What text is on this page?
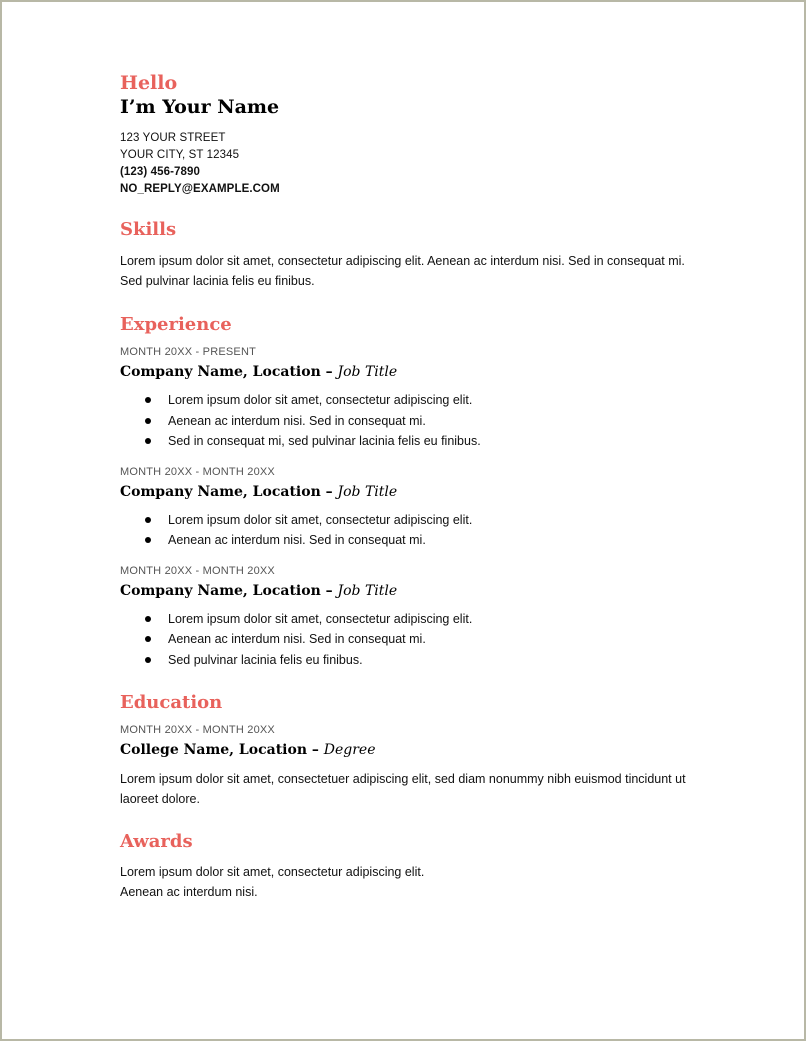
Hello
I’m Your Name
123 YOUR STREET
YOUR CITY, ST 12345
(123) 456-7890
NO_REPLY@EXAMPLE.COM
Skills

Lorem ipsum dolor sit amet, consectetur adipiscing elit. Aenean ac interdum nisi. Sed in consequat mi. Sed pulvinar lacinia felis eu finibus.

Experience
MONTH 20XX - PRESENT
Company Name, Location – Job Title
Lorem ipsum dolor sit amet, consectetur adipiscing elit.
Aenean ac interdum nisi. Sed in consequat mi.
Sed in consequat mi, sed pulvinar lacinia felis eu finibus.
MONTH 20XX - MONTH 20XX
Company Name, Location – Job Title
Lorem ipsum dolor sit amet, consectetur adipiscing elit.
Aenean ac interdum nisi. Sed in consequat mi.
MONTH 20XX - MONTH 20XX
Company Name, Location – Job Title
Lorem ipsum dolor sit amet, consectetur adipiscing elit.
Aenean ac interdum nisi. Sed in consequat mi.
Sed pulvinar lacinia felis eu finibus.
Education
MONTH 20XX - MONTH 20XX
College Name, Location – Degree

Lorem ipsum dolor sit amet, consectetuer adipiscing elit, sed diam nonummy nibh euismod tincidunt ut laoreet dolore.

Awards

Lorem ipsum dolor sit amet, consectetur adipiscing elit.

Aenean ac interdum nisi.
